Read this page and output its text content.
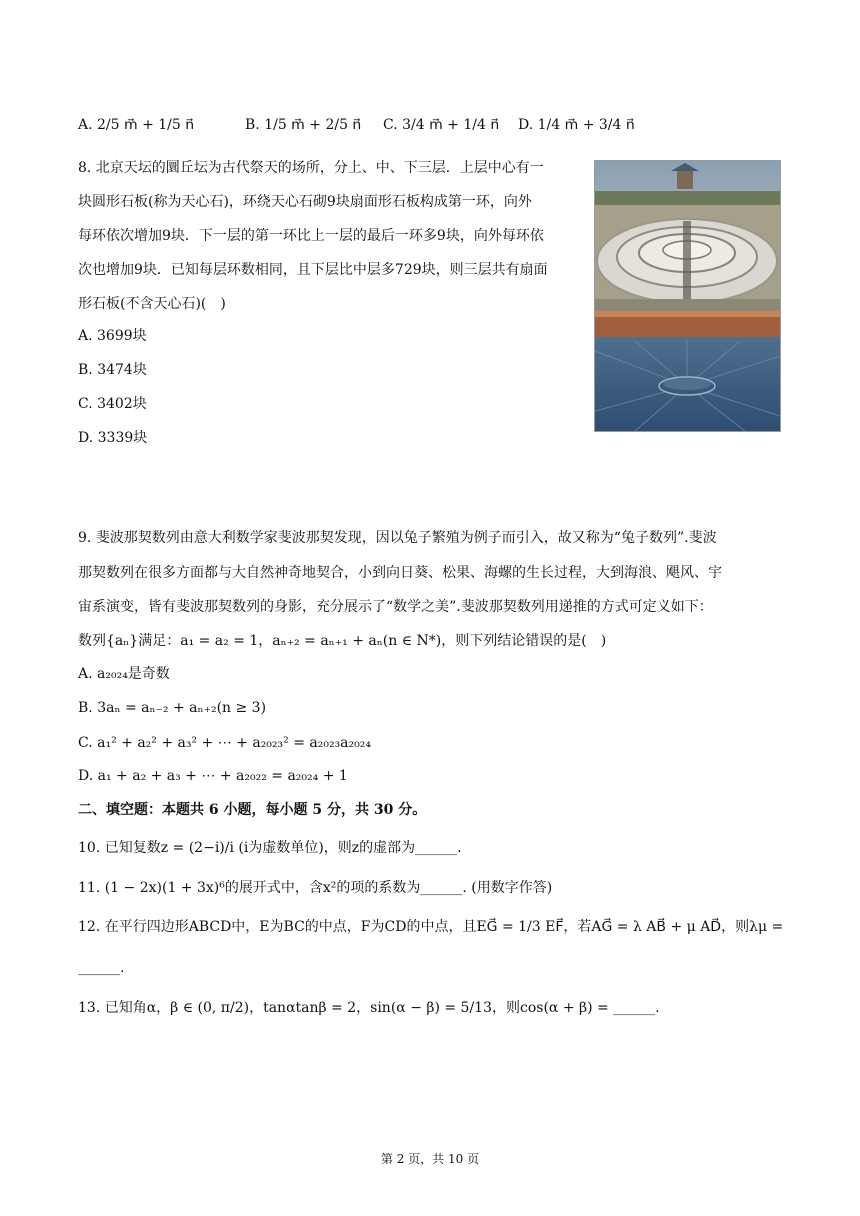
A. 2/5 m⃗ + 1/5 n⃗	B. 1/5 m⃗ + 2/5 n⃗ C. 3/4 m⃗ + 1/4 n⃗ D. 1/4 m⃗ + 3/4 n⃗
8. 北京天坛的圜丘坛为古代祭天的场所，分上、中、下三层．上层中心有一
块圆形石板(称为天心石)，环绕天心石砌9块扇面形石板构成第一环，向外
每环依次增加9块．下一层的第一环比上一层的最后一环多9块，向外每环依
次也增加9块．已知每层环数相同，且下层比中层多729块，则三层共有扇面
形石板(不含天心石)(　)
A. 3699块
B. 3474块
C. 3402块
D. 3339块
9. 斐波那契数列由意大利数学家斐波那契发现，因以兔子繁殖为例子而引入，故又称为“兔子数列”.斐波
那契数列在很多方面都与大自然神奇地契合，小到向日葵、松果、海螺的生长过程，大到海浪、飓风、宇
宙系演变，皆有斐波那契数列的身影，充分展示了“数学之美”.斐波那契数列用递推的方式可定义如下：
数列{aₙ}满足：a₁ = a₂ = 1，aₙ₊₂ = aₙ₊₁ + aₙ(n ∈ N*)，则下列结论错误的是(　)
A. a₂₀₂₄是奇数
B. 3aₙ = aₙ₋₂ + aₙ₊₂(n ≥ 3)
C. a₁² + a₂² + a₃² + ⋯ + a₂₀₂₃² = a₂₀₂₃a₂₀₂₄
D. a₁ + a₂ + a₃ + ⋯ + a₂₀₂₂ = a₂₀₂₄ + 1
二、填空题：本题共 6 小题，每小题 5 分，共 30 分。
10. 已知复数z = (2−i)/i (i为虚数单位)，则z的虚部为______.
11. (1 − 2x)(1 + 3x)⁶的展开式中，含x²的项的系数为______. (用数字作答)
12. 在平行四边形ABCD中，E为BC的中点，F为CD的中点，且EG⃗ = 1/3 EF⃗，若AG⃗ = λ AB⃗ + μ AD⃗，则λμ =
______.
13. 已知角α，β ∈ (0, π/2)，tanαtanβ = 2，sin(α − β) = 5/13，则cos(α + β) = ______.
第 2 页，共 10 页
